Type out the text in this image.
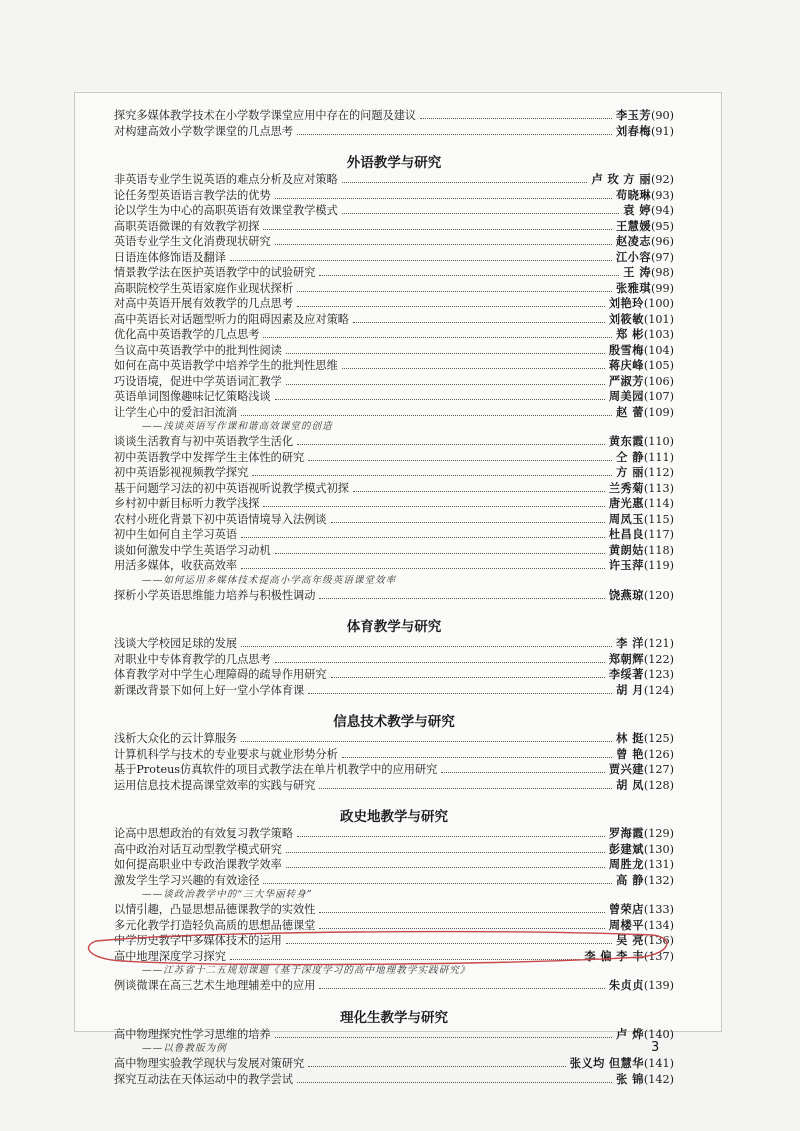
探究多媒体教学技术在小学数学课堂应用中存在的问题及建议	李玉芳 (90)
对构建高效小学数学课堂的几点思考	刘春梅 (91)
外语教学与研究
非英语专业学生说英语的难点分析及应对策略	卢 玫 方 丽 (92)
论任务型英语语言教学法的优势	苟晓琳 (93)
论以学生为中心的高职英语有效课堂教学模式	袁 婷 (94)
高职英语微课的有效教学初探	王慧媛 (95)
英语专业学生文化消费现状研究	赵凌志 (96)
日语连体修饰语及翻译	江小容 (97)
情景教学法在医护英语教学中的试验研究	王 涛 (98)
高职院校学生英语家庭作业现状探析	张雅琪 (99)
对高中英语开展有效教学的几点思考	刘艳玲 (100)
高中英语长对话题型听力的阻碍因素及应对策略	刘筱敏 (101)
优化高中英语教学的几点思考	郑 彬 (103)
刍议高中英语教学中的批判性阅读	殷雪梅 (104)
如何在高中英语教学中培养学生的批判性思维	蒋庆峰 (105)
巧设语境，促进中学英语词汇教学	严淑芳 (106)
英语单词图像趣味记忆策略浅谈	周美园 (107)
让学生心中的爱汩汩流淌	赵 蕾 (109)
——浅谈英语写作课和谐高效课堂的创造
谈谈生活教育与初中英语教学生活化	黄东霞 (110)
初中英语教学中发挥学生主体性的研究	仝 静 (111)
初中英语影视视频教学探究	方 丽 (112)
基于问题学习法的初中英语视听说教学模式初探	兰秀菊 (113)
乡村初中新目标听力教学浅探	唐光惠 (114)
农村小班化背景下初中英语情境导入法例谈	周凤玉 (115)
初中生如何自主学习英语	杜昌良 (117)
谈如何激发中学生英语学习动机	黄朗姑 (118)
用活多媒体，收获高效率	许玉萍 (119)
——如何运用多媒体技术提高小学高年级英语课堂效率
探析小学英语思维能力培养与积极性调动	饶燕琼 (120)
体育教学与研究
浅谈大学校园足球的发展	李 洋 (121)
对职业中专体育教学的几点思考	郑朝辉 (122)
体育教学对中学生心理障碍的疏导作用研究	李绥著 (123)
新课改背景下如何上好一堂小学体育课	胡 月 (124)
信息技术教学与研究
浅析大众化的云计算服务	林 挺 (125)
计算机科学与技术的专业要求与就业形势分析	曾 艳 (126)
基于Proteus仿真软件的项目式教学法在单片机教学中的应用研究	贾兴建 (127)
运用信息技术提高课堂效率的实践与研究	胡 凤 (128)
政史地教学与研究
论高中思想政治的有效复习教学策略	罗海霞 (129)
高中政治对话互动型教学模式研究	彭建斌 (130)
如何提高职业中专政治课教学效率	周胜龙 (131)
激发学生学习兴趣的有效途径	高 静 (132)
——谈政治教学中的“三大华丽转身”
以情引趣，凸显思想品德课教学的实效性	曾荣店 (133)
多元化教学打造轻负高质的思想品德课堂	周楼平 (134)
中学历史教学中多媒体技术的运用	吴 亮 (136)
高中地理深度学习探究	李 偏 李 丰 (137)
——江苏省十二五规划课题《基于深度学习的高中地理教学实践研究》
例谈微课在高三艺术生地理辅差中的应用	朱贞贞 (139)
理化生教学与研究
高中物理探究性学习思维的培养	卢 烨 (140)
——以鲁教版为例
高中物理实验教学现状与发展对策研究	张义均 但慧华 (141)
探究互动法在天体运动中的教学尝试	张 锦 (142)
3
